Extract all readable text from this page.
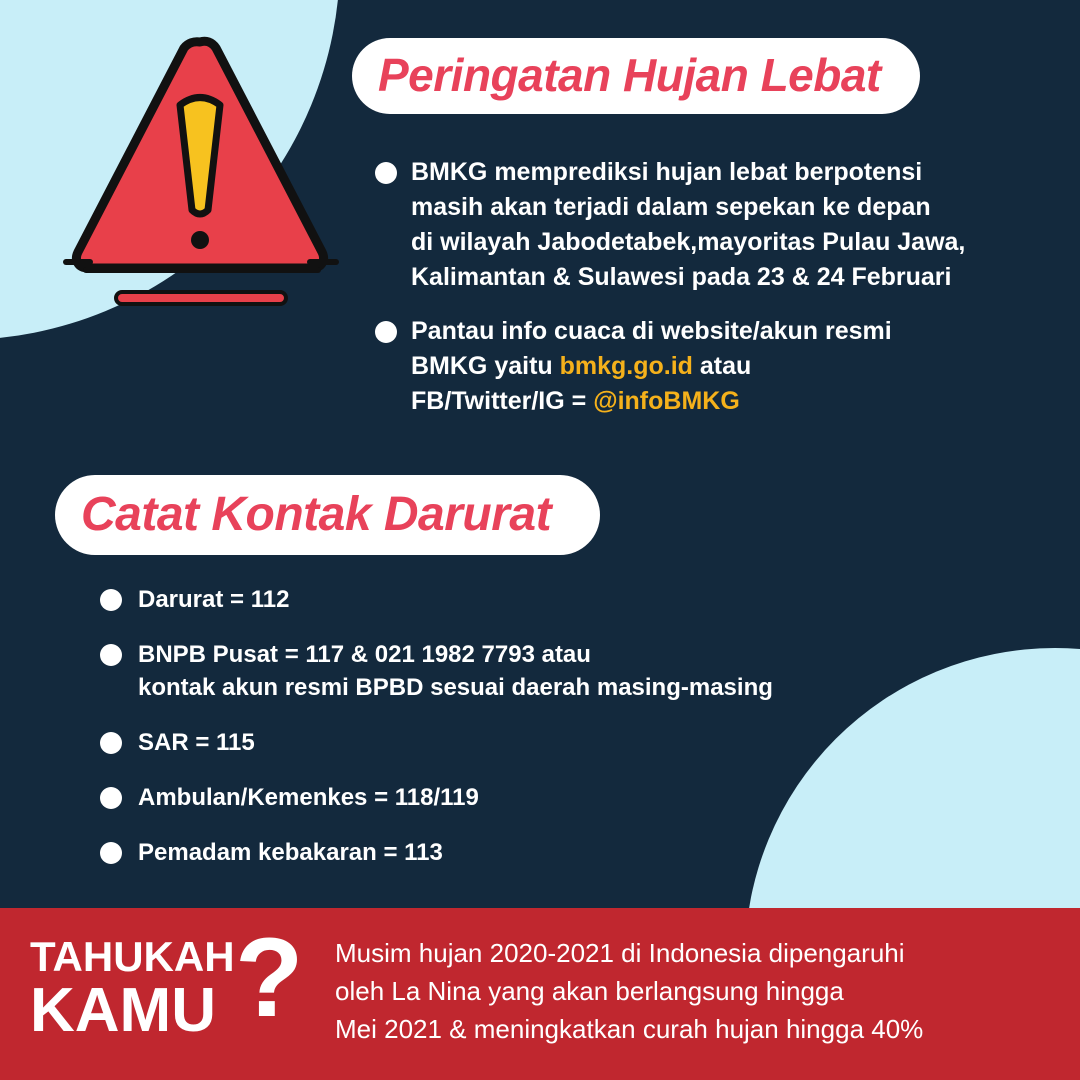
Peringatan Hujan Lebat
BMKG memprediksi hujan lebat berpotensi
masih akan terjadi dalam sepekan ke depan
di wilayah Jabodetabek,mayoritas Pulau Jawa,
Kalimantan & Sulawesi pada 23 & 24 Februari
Pantau info cuaca di website/akun resmi
BMKG yaitu bmkg.go.id atau
FB/Twitter/IG = @infoBMKG
Catat Kontak Darurat
Darurat = 112
BNPB Pusat = 117 & 021 1982 7793 atau
kontak akun resmi BPBD sesuai daerah masing-masing
SAR = 115
Ambulan/Kemenkes = 118/119
Pemadam kebakaran = 113
TAHUKAH
KAMU ? Musim hujan 2020-2021 di Indonesia dipengaruhi
oleh La Nina yang akan berlangsung hingga
Mei 2021 & meningkatkan curah hujan hingga 40%
